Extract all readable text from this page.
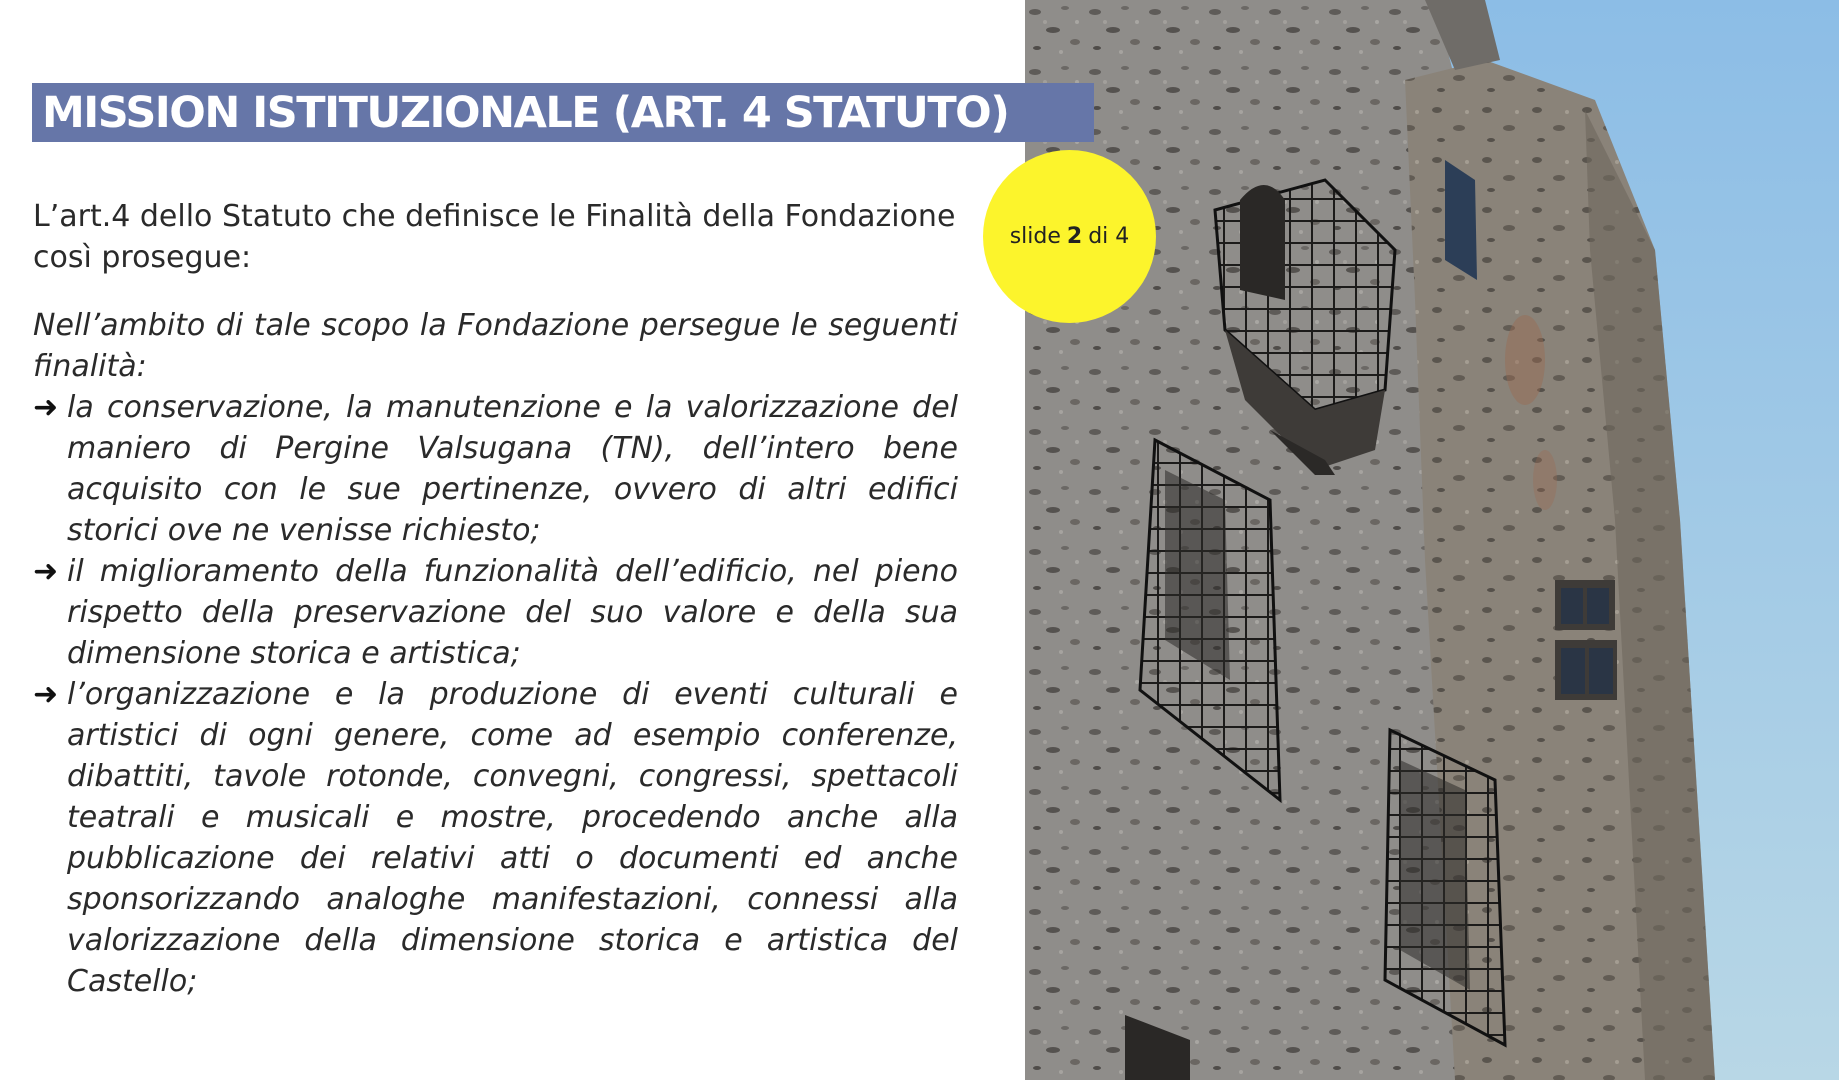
MISSION ISTITUZIONALE (ART. 4 STATUTO)
L’art.4 dello Statuto che definisce le Finalità della Fondazione così prosegue:

Nell’ambito di tale scopo la Fondazione persegue le seguenti finalità:

➜ la conservazione, la manutenzione e la valorizzazione del maniero di Pergine Valsugana (TN), dell’intero bene acquisito con le sue pertinenze, ovvero di altri edifici storici ove ne venisse richiesto;
➜ il miglioramento della funzionalità dell’edificio, nel pieno rispetto della preservazione del suo valore e della sua dimensione storica e artistica;
➜ l’organizzazione e la produzione di eventi culturali e artistici di ogni genere, come ad esempio conferenze, dibattiti, tavole rotonde, convegni, congressi, spettacoli teatrali e musicali e mostre, procedendo anche alla pubblicazione dei relativi atti o documenti ed anche sponsorizzando analoghe manifestazioni, connessi alla valorizzazione della dimensione storica e artistica del Castello;
slide 2 di
4
